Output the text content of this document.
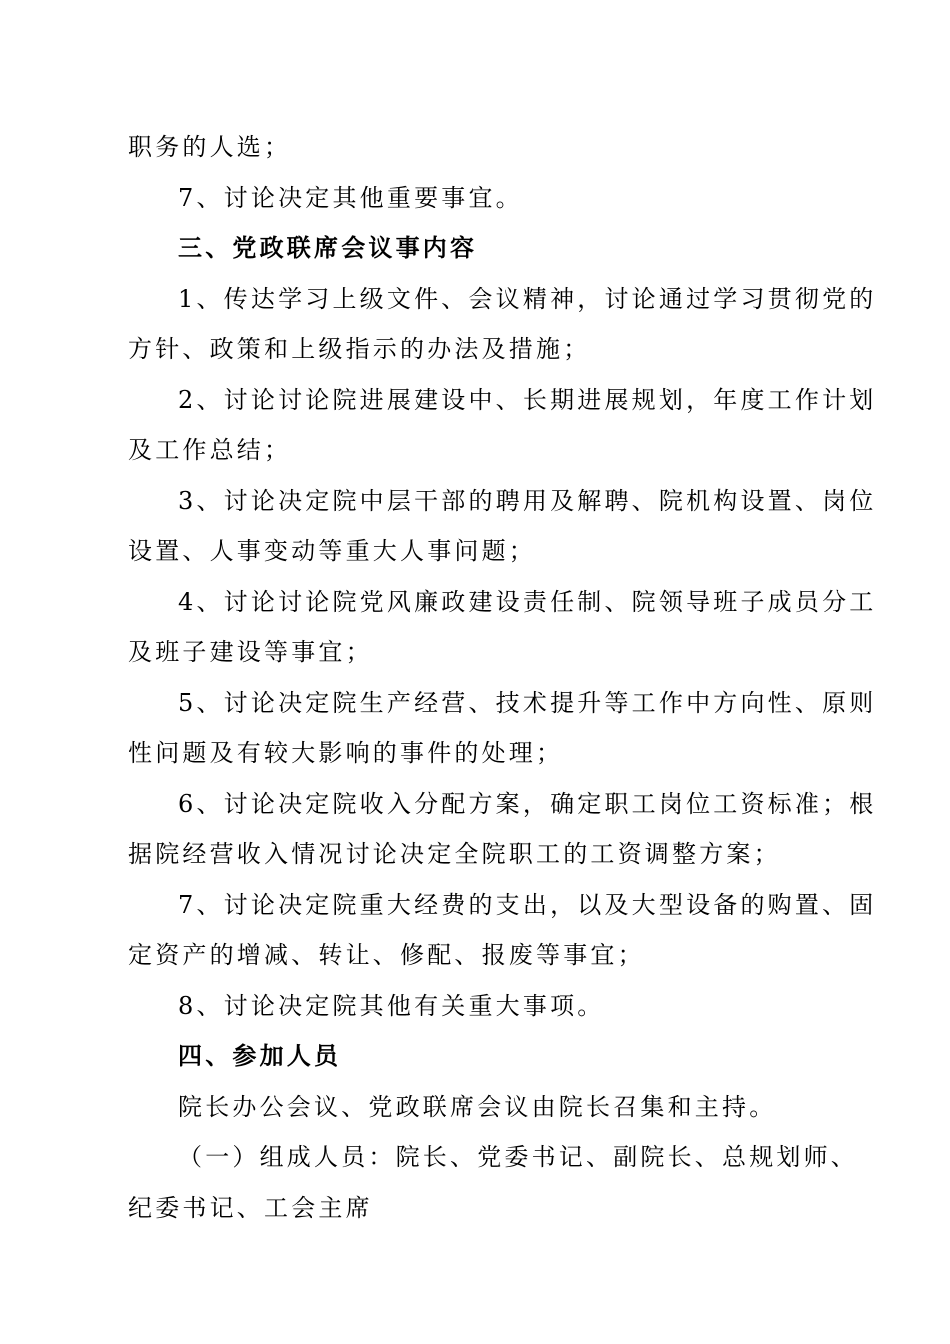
职务的人选；
7、讨论决定其他重要事宜。
三、党政联席会议事内容
1、传达学习上级文件、会议精神，讨论通过学习贯彻党的
方针、政策和上级指示的办法及措施；
2、讨论讨论院进展建设中、长期进展规划，年度工作计划
及工作总结；
3、讨论决定院中层干部的聘用及解聘、院机构设置、岗位
设置、人事变动等重大人事问题；
4、讨论讨论院党风廉政建设责任制、院领导班子成员分工
及班子建设等事宜；
5、讨论决定院生产经营、技术提升等工作中方向性、原则
性问题及有较大影响的事件的处理；
6、讨论决定院收入分配方案，确定职工岗位工资标准；根
据院经营收入情况讨论决定全院职工的工资调整方案；
7、讨论决定院重大经费的支出，以及大型设备的购置、固
定资产的增减、转让、修配、报废等事宜；
8、讨论决定院其他有关重大事项。
四、参加人员
院长办公会议、党政联席会议由院长召集和主持。
（一）组成人员：院长、党委书记、副院长、总规划师、
纪委书记、工会主席
